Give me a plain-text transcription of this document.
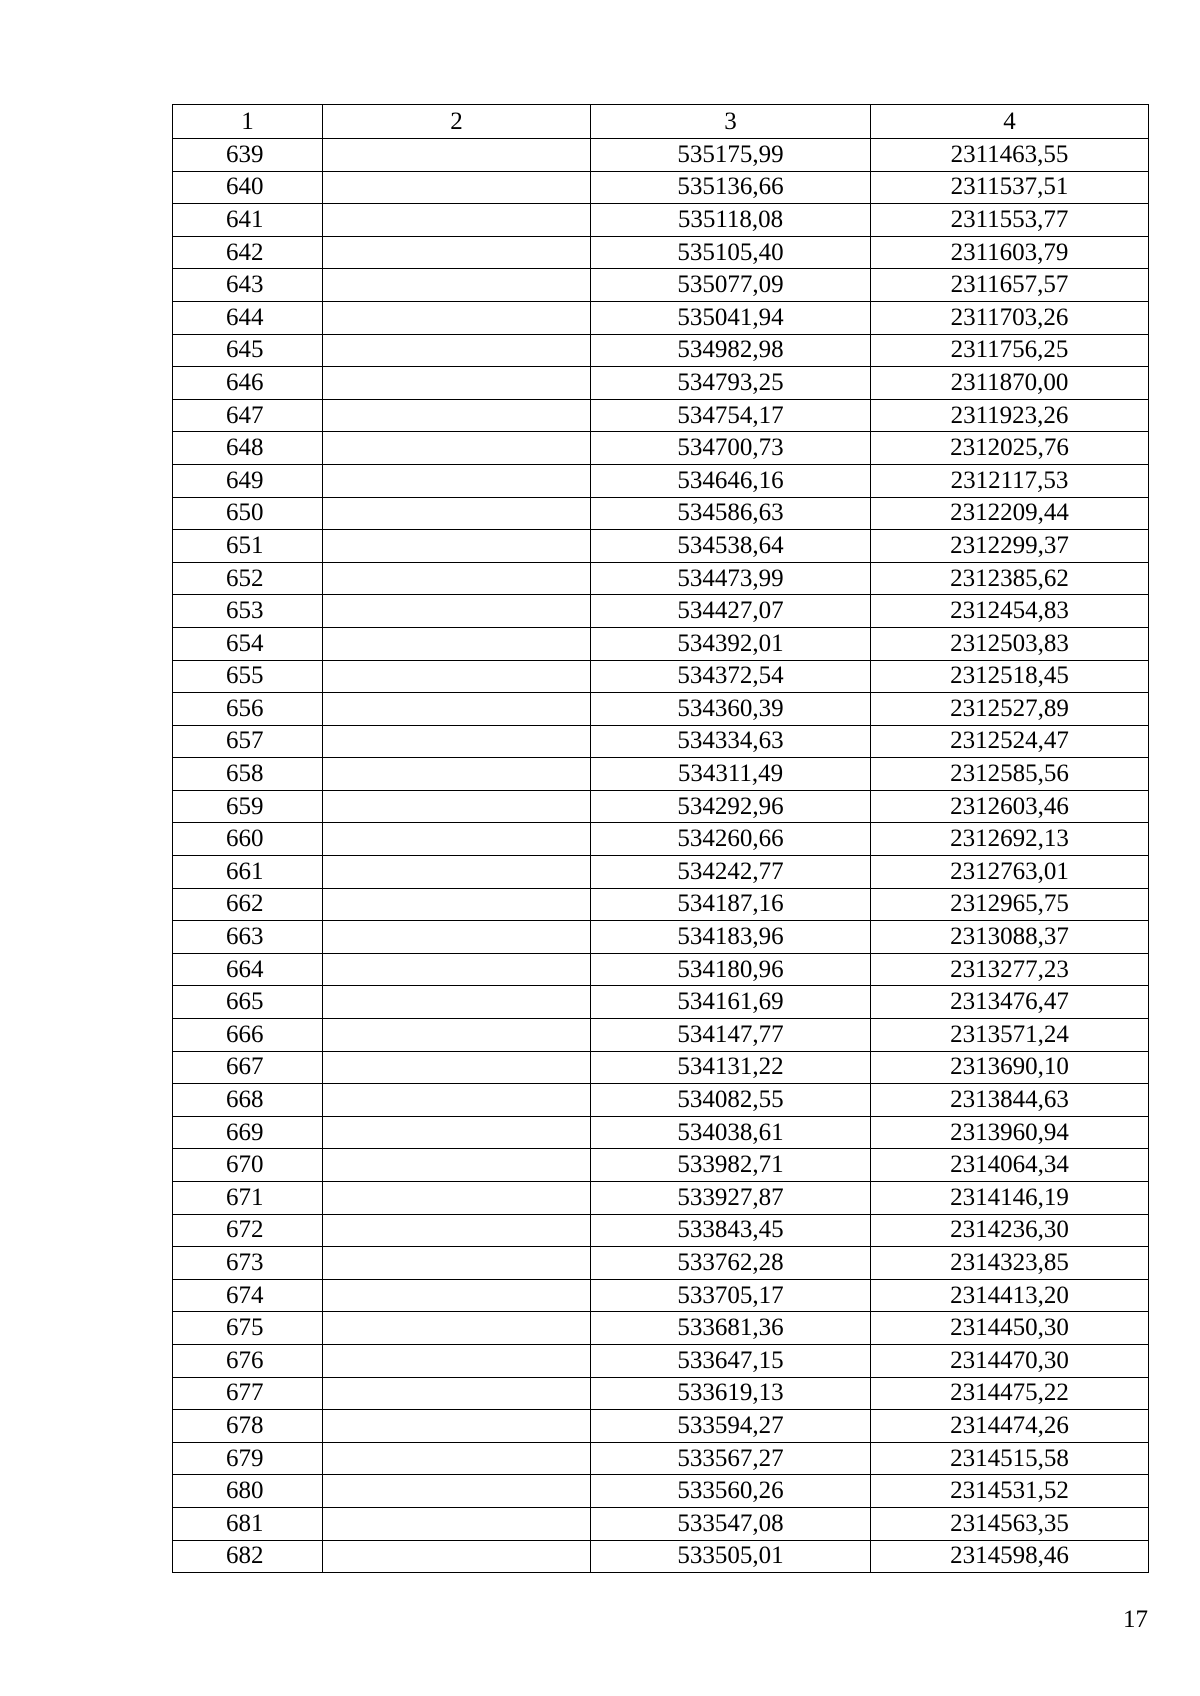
1	2	3	4
639		535175,99	2311463,55
640		535136,66	2311537,51
641		535118,08	2311553,77
642		535105,40	2311603,79
643		535077,09	2311657,57
644		535041,94	2311703,26
645		534982,98	2311756,25
646		534793,25	2311870,00
647		534754,17	2311923,26
648		534700,73	2312025,76
649		534646,16	2312117,53
650		534586,63	2312209,44
651		534538,64	2312299,37
652		534473,99	2312385,62
653		534427,07	2312454,83
654		534392,01	2312503,83
655		534372,54	2312518,45
656		534360,39	2312527,89
657		534334,63	2312524,47
658		534311,49	2312585,56
659		534292,96	2312603,46
660		534260,66	2312692,13
661		534242,77	2312763,01
662		534187,16	2312965,75
663		534183,96	2313088,37
664		534180,96	2313277,23
665		534161,69	2313476,47
666		534147,77	2313571,24
667		534131,22	2313690,10
668		534082,55	2313844,63
669		534038,61	2313960,94
670		533982,71	2314064,34
671		533927,87	2314146,19
672		533843,45	2314236,30
673		533762,28	2314323,85
674		533705,17	2314413,20
675		533681,36	2314450,30
676		533647,15	2314470,30
677		533619,13	2314475,22
678		533594,27	2314474,26
679		533567,27	2314515,58
680		533560,26	2314531,52
681		533547,08	2314563,35
682		533505,01	2314598,46
17
